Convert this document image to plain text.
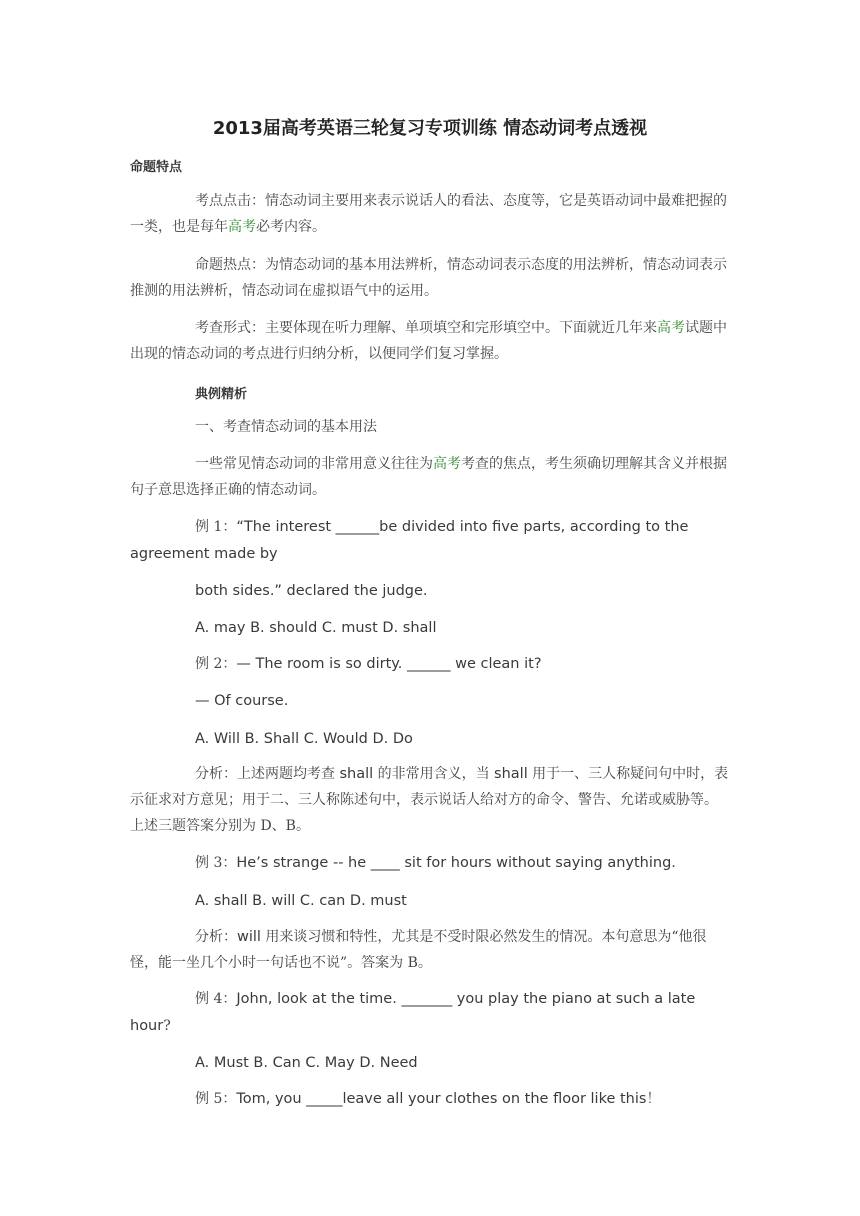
2013届高考英语三轮复习专项训练 情态动词考点透视
命题特点
考点点击：情态动词主要用来表示说话人的看法、态度等，它是英语动词中最难把握的一类，也是每年高考必考内容。
命题热点：为情态动词的基本用法辨析，情态动词表示态度的用法辨析，情态动词表示推测的用法辨析，情态动词在虚拟语气中的运用。
考查形式：主要体现在听力理解、单项填空和完形填空中。下面就近几年来高考试题中出现的情态动词的考点进行归纳分析，以便同学们复习掌握。
典例精析
一、考查情态动词的基本用法
一些常见情态动词的非常用意义往往为高考考查的焦点，考生须确切理解其含义并根据句子意思选择正确的情态动词。
例 1：“The interest ______be divided into five parts, according to the
agreement made by
both sides.” declared the judge.
A. may B. should C. must D. shall
例 2：— The room is so dirty. ______ we clean it?
— Of course.
A. Will B. Shall C. Would D. Do
分析：上述两题均考查 shall 的非常用含义，当 shall 用于一、三人称疑问句中时，表示征求对方意见；用于二、三人称陈述句中，表示说话人给对方的命令、警告、允诺或威胁等。上述三题答案分别为 D、B。
例 3：He’s strange -- he ____ sit for hours without saying anything.
A. shall B. will C. can D. must
分析：will 用来谈习惯和特性，尤其是不受时限必然发生的情况。本句意思为“他很怪，能一坐几个小时一句话也不说”。答案为 B。
例 4：John, look at the time. _______ you play the piano at such a late
hour?
A. Must B. Can C. May D. Need
例 5：Tom, you _____leave all your clothes on the floor like this！
